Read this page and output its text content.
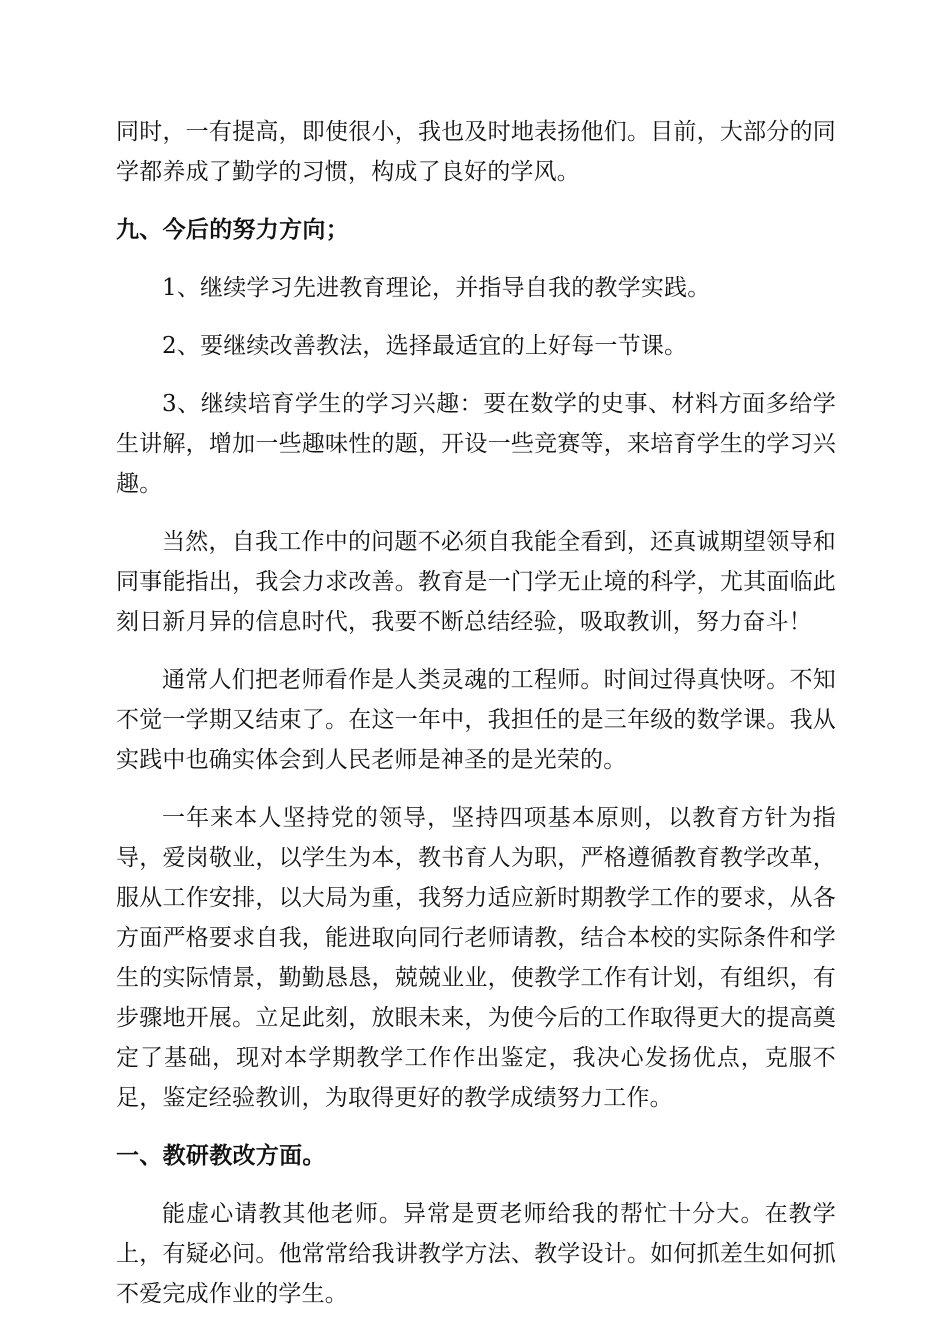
同时，一有提高，即使很小，我也及时地表扬他们。目前，大部分的同学都养成了勤学的习惯，构成了良好的学风。

九、今后的努力方向；

1、继续学习先进教育理论，并指导自我的教学实践。

2、要继续改善教法，选择最适宜的上好每一节课。

3、继续培育学生的学习兴趣：要在数学的史事、材料方面多给学生讲解，增加一些趣味性的题，开设一些竞赛等，来培育学生的学习兴趣。

当然，自我工作中的问题不必须自我能全看到，还真诚期望领导和同事能指出，我会力求改善。教育是一门学无止境的科学，尤其面临此刻日新月异的信息时代，我要不断总结经验，吸取教训，努力奋斗！

通常人们把老师看作是人类灵魂的工程师。时间过得真快呀。不知不觉一学期又结束了。在这一年中，我担任的是三年级的数学课。我从实践中也确实体会到人民老师是神圣的是光荣的。

一年来本人坚持党的领导，坚持四项基本原则，以教育方针为指导，爱岗敬业，以学生为本，教书育人为职，严格遵循教育教学改革，服从工作安排，以大局为重，我努力适应新时期教学工作的要求，从各方面严格要求自我，能进取向同行老师请教，结合本校的实际条件和学生的实际情景，勤勤恳恳，兢兢业业，使教学工作有计划，有组织，有步骤地开展。立足此刻，放眼未来，为使今后的工作取得更大的提高奠定了基础，现对本学期教学工作作出鉴定，我决心发扬优点，克服不足，鉴定经验教训，为取得更好的教学成绩努力工作。

一、教研教改方面。

能虚心请教其他老师。异常是贾老师给我的帮忙十分大。在教学上，有疑必问。他常常给我讲教学方法、教学设计。如何抓差生如何抓不爱完成作业的学生。
